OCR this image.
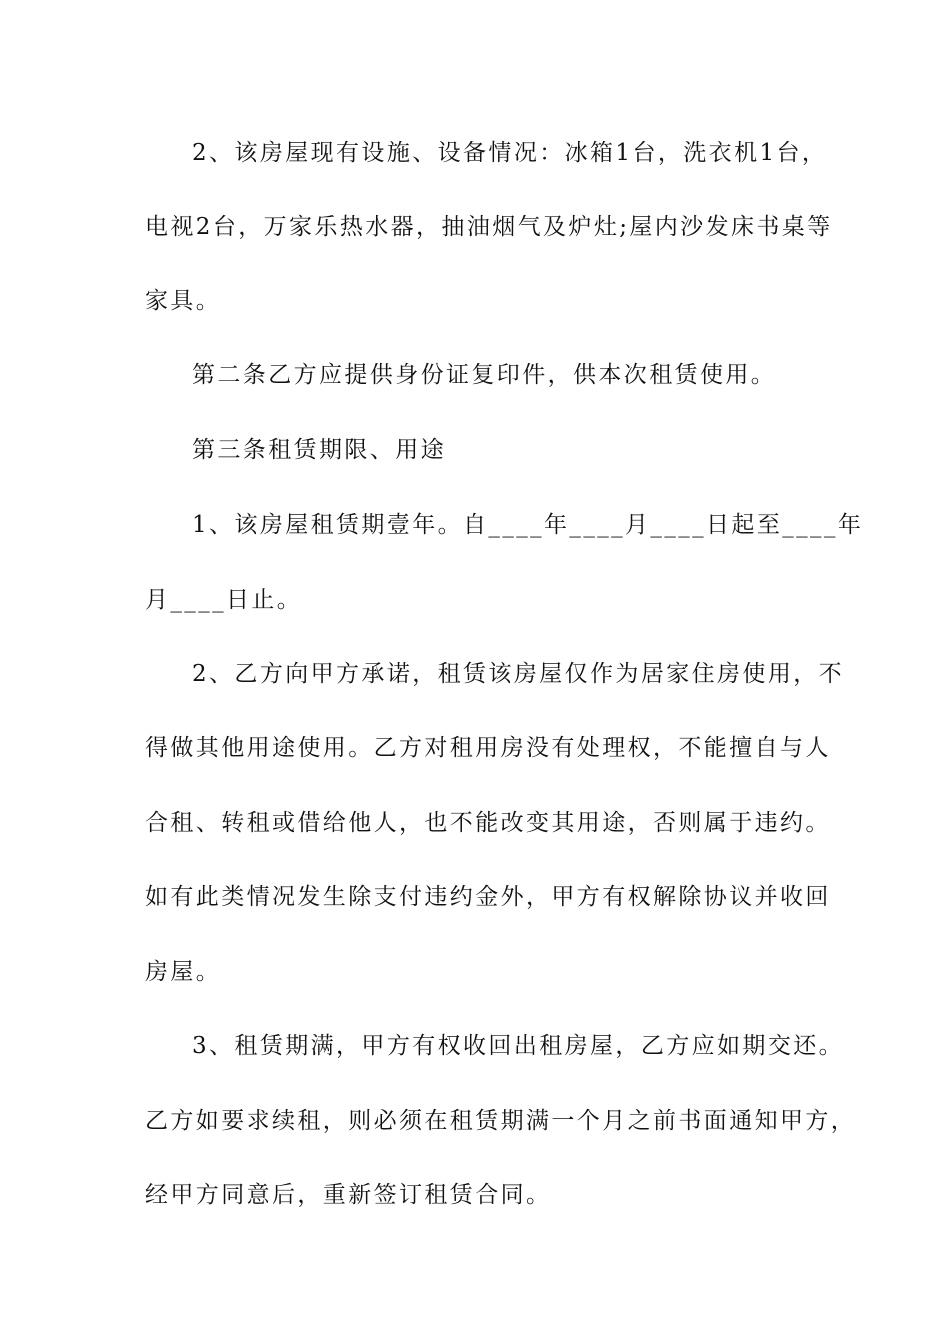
2、该房屋现有设施、设备情况：冰箱1台，洗衣机1台，
电视2台，万家乐热水器，抽油烟气及炉灶;屋内沙发床书桌等
家具。
第二条乙方应提供身份证复印件，供本次租赁使用。
第三条租赁期限、用途
1、该房屋租赁期壹年。自____年____月____日起至____年
月____日止。
2、乙方向甲方承诺，租赁该房屋仅作为居家住房使用，不
得做其他用途使用。乙方对租用房没有处理权，不能擅自与人
合租、转租或借给他人，也不能改变其用途，否则属于违约。
如有此类情况发生除支付违约金外，甲方有权解除协议并收回
房屋。
3、租赁期满，甲方有权收回出租房屋，乙方应如期交还。
乙方如要求续租，则必须在租赁期满一个月之前书面通知甲方，
经甲方同意后，重新签订租赁合同。
